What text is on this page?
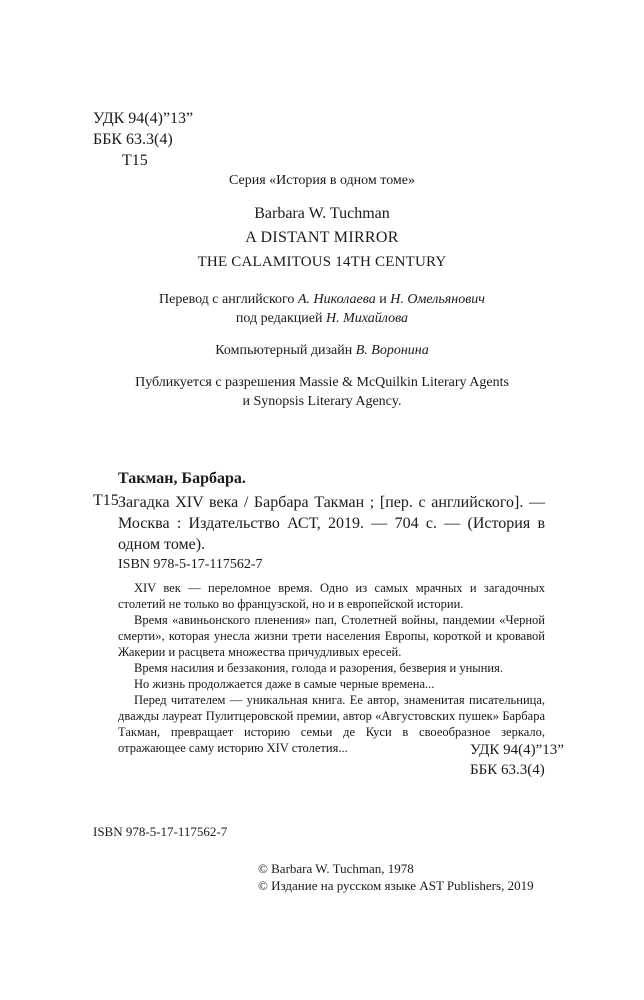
УДК 94(4)”13”
ББК 63.3(4)
Т15
Серия «История в одном томе»
Barbara W. Tuchman
A DISTANT MIRROR
THE CALAMITOUS 14TH CENTURY
Перевод с английского А. Николаева и Н. Омельянович
под редакцией Н. Михайлова
Компьютерный дизайн В. Воронина
Публикуется с разрешения Massie & McQuilkin Literary Agents
и Synopsis Literary Agency.
Такман, Барбара.
Т15 Загадка XIV века / Барбара Такман ; [пер. с английского]. — Москва : Издательство АСТ, 2019. — 704 с. — (История в одном томе).
ISBN 978-5-17-117562-7

XIV век — переломное время. Одно из самых мрачных и загадочных столетий не только во французской, но и в европейской истории.

Время «авиньонского пленения» пап, Столетней войны, пандемии «Черной смерти», которая унесла жизни трети населения Европы, короткой и кровавой Жакерии и расцвета множества причудливых ересей.

Время насилия и беззакония, голода и разорения, безверия и уныния.

Но жизнь продолжается даже в самые черные времена...

Перед читателем — уникальная книга. Ее автор, знаменитая писательница, дважды лауреат Пулитцеровской премии, автор «Августовских пушек» Барбара Такман, превращает историю семьи де Куси в своеобразное зеркало, отражающее саму историю XIV столетия...	УДК 94(4)”13”
ББК 63.3(4)
ISBN 978-5-17-117562-7
© Barbara W. Tuchman, 1978
© Издание на русском языке AST Publishers, 2019
